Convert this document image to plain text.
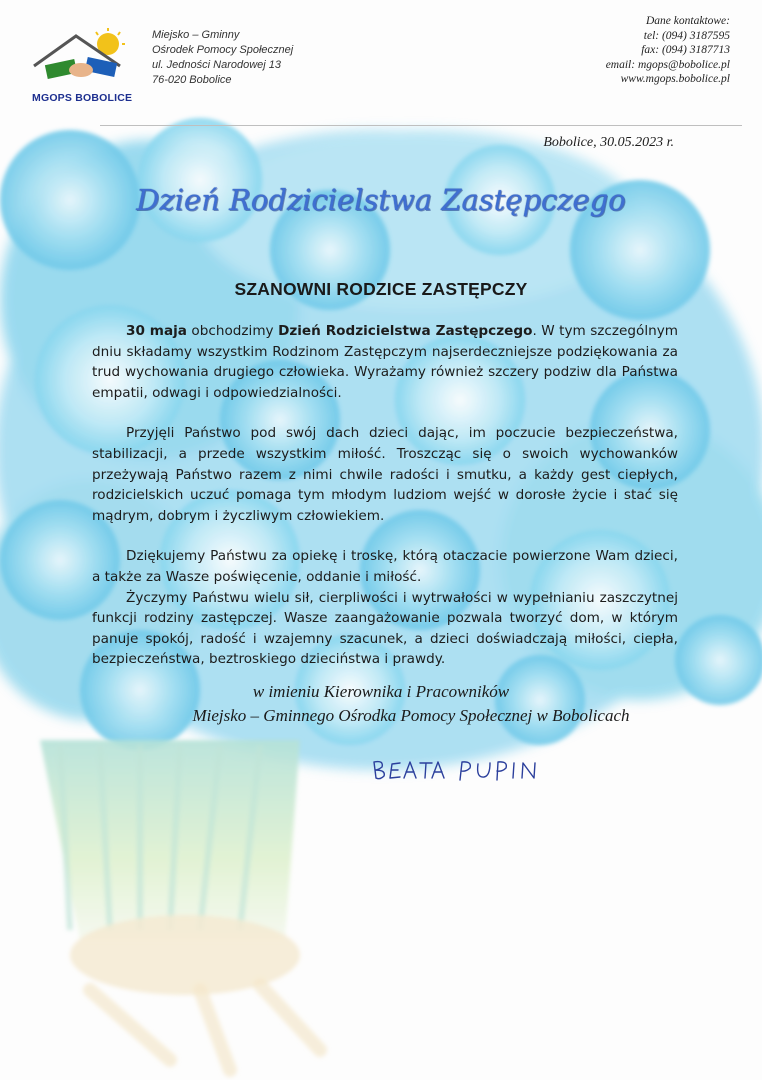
MGOPS BOBOLICE
Miejsko – Gminny
Ośrodek Pomocy Społecznej
ul. Jedności Narodowej 13
76-020 Bobolice
Dane kontaktowe:
tel: (094) 3187595
fax: (094) 3187713
email: mgops@bobolice.pl
www.mgops.bobolice.pl
Bobolice, 30.05.2023 r.
Dzień Rodzicielstwa Zastępczego
SZANOWNI RODZICE ZASTĘPCZY

30 maja obchodzimy Dzień Rodzicielstwa Zastępczego. W tym szczególnym dniu składamy wszystkim Rodzinom Zastępczym najserdeczniejsze podziękowania za trud wychowania drugiego człowieka. Wyrażamy również szczery podziw dla Państwa empatii, odwagi i odpowiedzialności.

Przyjęli Państwo pod swój dach dzieci dając, im poczucie bezpieczeństwa, stabilizacji, a przede wszystkim miłość. Troszcząc się o swoich wychowanków przeżywają Państwo razem z nimi chwile radości i smutku, a każdy gest ciepłych, rodzicielskich uczuć pomaga tym młodym ludziom wejść w dorosłe życie i stać się mądrym, dobrym i życzliwym człowiekiem.

Dziękujemy Państwu za opiekę i troskę, którą otaczacie powierzone Wam dzieci, a także za Wasze poświęcenie, oddanie i miłość.

Życzymy Państwu wielu sił, cierpliwości i wytrwałości w wypełnianiu zaszczytnej funkcji rodziny zastępczej. Wasze zaangażowanie pozwala tworzyć dom, w którym panuje spokój, radość i wzajemny szacunek, a dzieci doświadczają miłości, ciepła, bezpieczeństwa, beztroskiego dzieciństwa i prawdy.

w imieniu Kierownika i Pracowników
Miejsko – Gminnego Ośrodka Pomocy Społecznej w Bobolicach
